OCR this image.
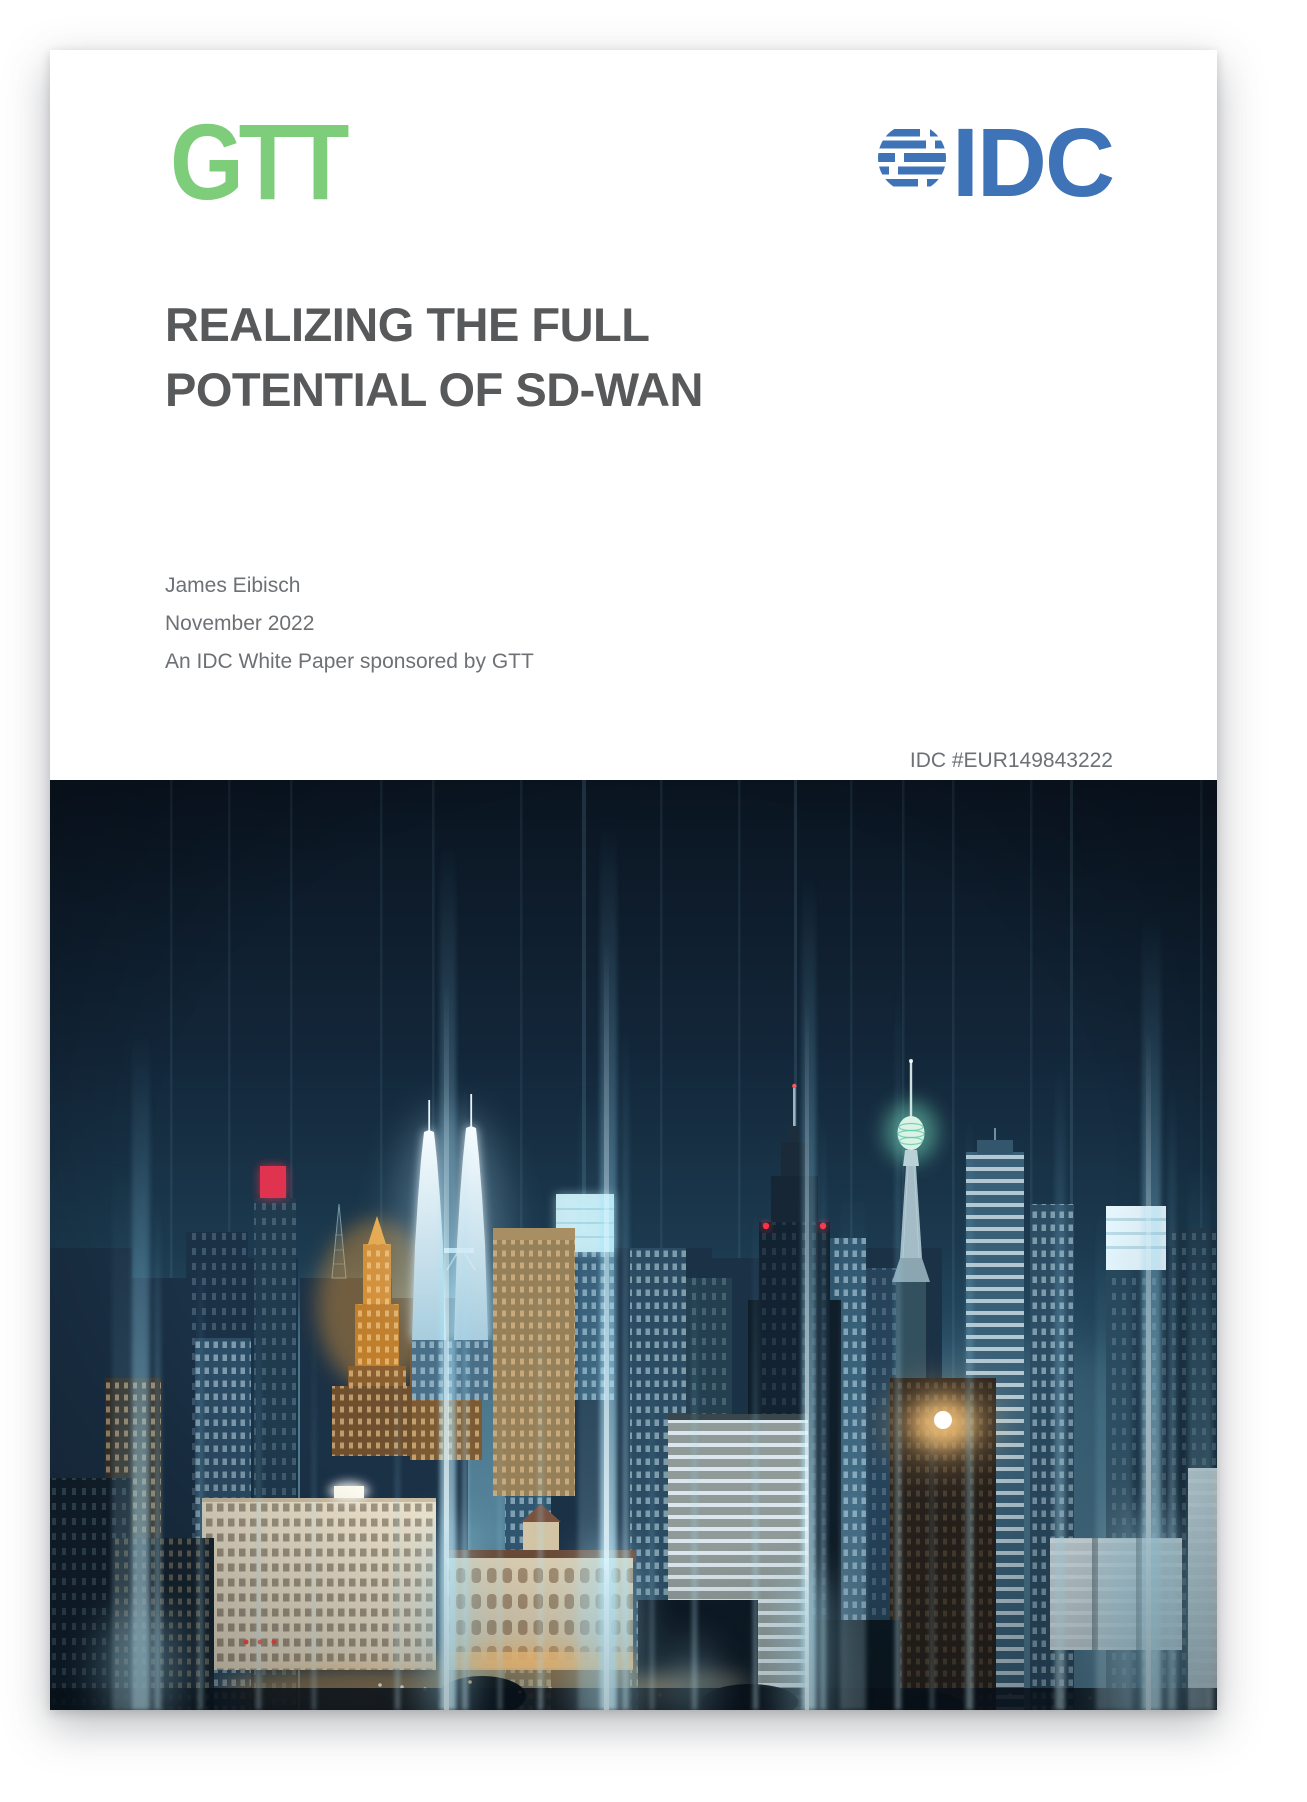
GTT	IDC
REALIZING THE FULL
POTENTIAL OF SD-WAN
James Eibisch
November 2022
An IDC White Paper sponsored by GTT
IDC #EUR149843222
